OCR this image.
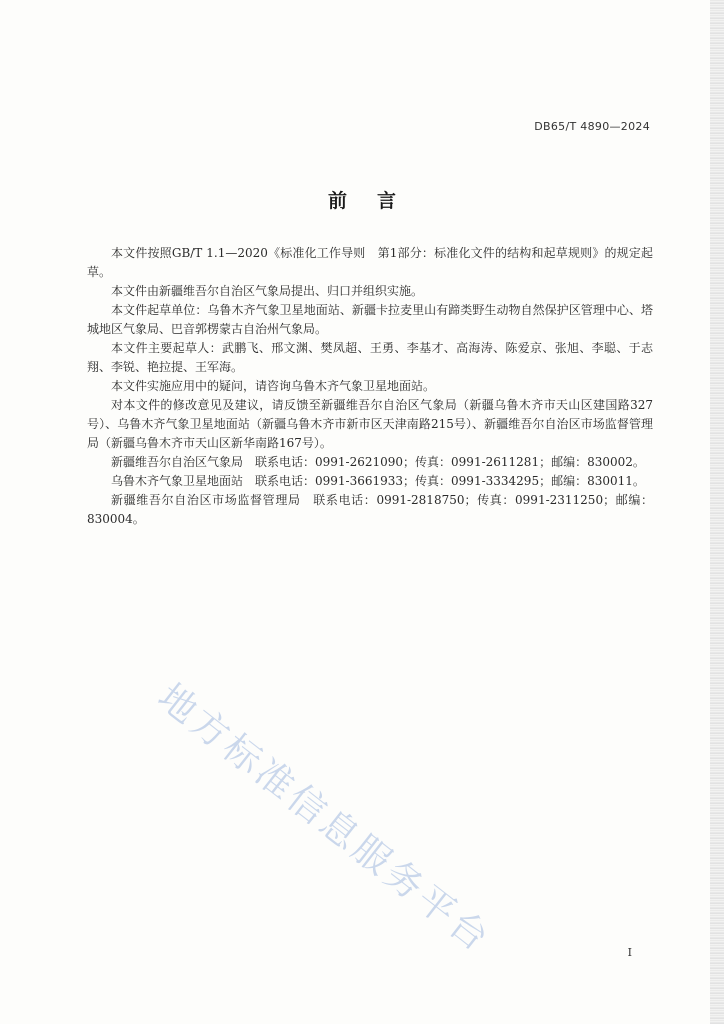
DB65/T 4890—2024
前言

本文件按照GB/T 1.1—2020《标准化工作导则　第1部分：标准化文件的结构和起草规则》的规定起草。

本文件由新疆维吾尔自治区气象局提出、归口并组织实施。

本文件起草单位：乌鲁木齐气象卫星地面站、新疆卡拉麦里山有蹄类野生动物自然保护区管理中心、塔城地区气象局、巴音郭楞蒙古自治州气象局。

本文件主要起草人：武鹏飞、邢文渊、樊凤超、王勇、李基才、高海涛、陈爱京、张旭、李聪、于志翔、李锐、艳拉提、王军海。

本文件实施应用中的疑问，请咨询乌鲁木齐气象卫星地面站。

对本文件的修改意见及建议，请反馈至新疆维吾尔自治区气象局（新疆乌鲁木齐市天山区建国路327号）、乌鲁木齐气象卫星地面站（新疆乌鲁木齐市新市区天津南路215号）、新疆维吾尔自治区市场监督管理局（新疆乌鲁木齐市天山区新华南路167号）。

新疆维吾尔自治区气象局　联系电话：0991-2621090；传真：0991-2611281；邮编：830002。

乌鲁木齐气象卫星地面站　联系电话：0991-3661933；传真：0991-3334295；邮编：830011。

新疆维吾尔自治区市场监督管理局　联系电话：0991-2818750；传真：0991-2311250；邮编：830004。

地方标准信息服务平台	I
